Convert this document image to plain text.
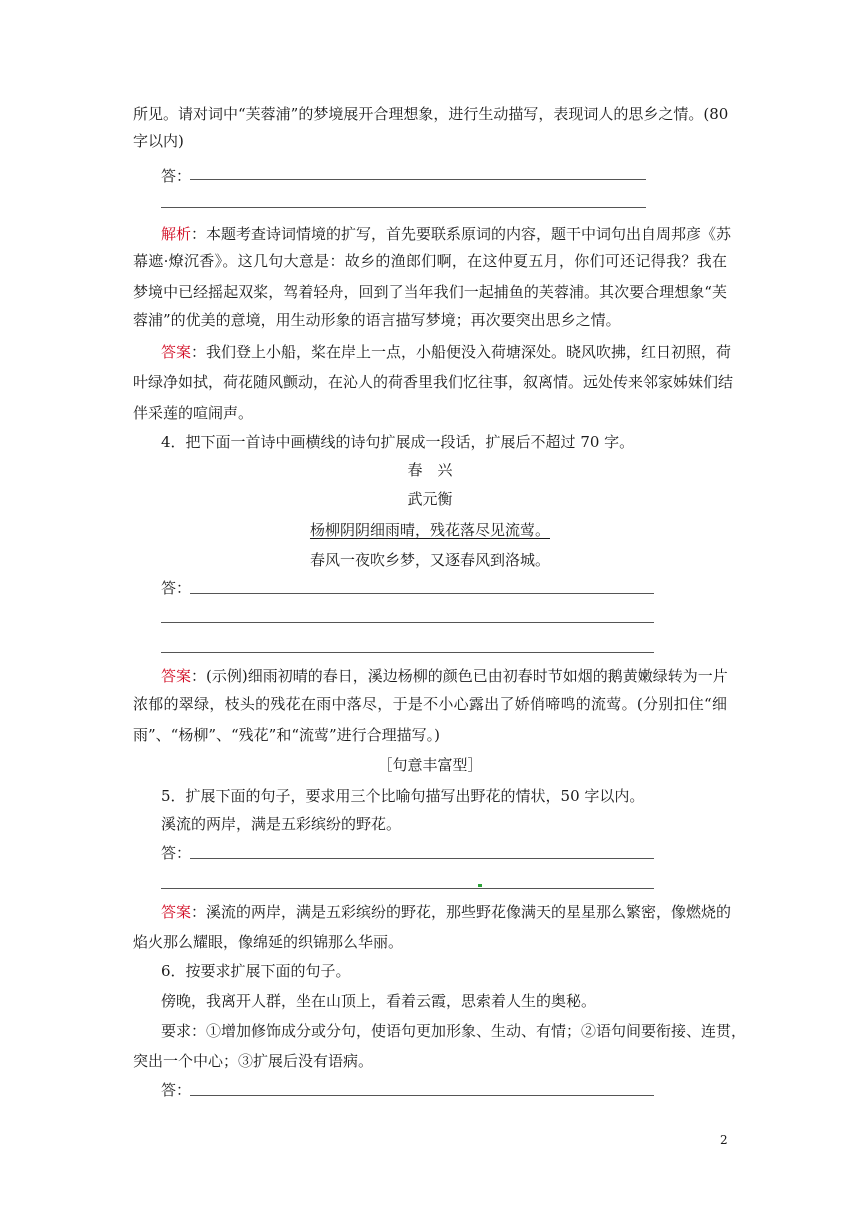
所见。请对词中“芙蓉浦”的梦境展开合理想象，进行生动描写，表现词人的思乡之情。(80
字以内)
答：
解析：本题考查诗词情境的扩写，首先要联系原词的内容，题干中词句出自周邦彦《苏
幕遮·燎沉香》。这几句大意是：故乡的渔郎们啊，在这仲夏五月，你们可还记得我？我在
梦境中已经摇起双桨，驾着轻舟，回到了当年我们一起捕鱼的芙蓉浦。其次要合理想象“芙
蓉浦”的优美的意境，用生动形象的语言描写梦境；再次要突出思乡之情。
答案：我们登上小船，桨在岸上一点，小船便没入荷塘深处。晓风吹拂，红日初照，荷
叶绿净如拭，荷花随风颤动，在沁人的荷香里我们忆往事，叙离情。远处传来邻家姊妹们结
伴采莲的喧闹声。
4．把下面一首诗中画横线的诗句扩展成一段话，扩展后不超过 70 字。
春　兴
武元衡
杨柳阴阴细雨晴，残花落尽见流莺。
春风一夜吹乡梦，又逐春风到洛城。
答：
答案：(示例)细雨初晴的春日，溪边杨柳的颜色已由初春时节如烟的鹅黄嫩绿转为一片
浓郁的翠绿，枝头的残花在雨中落尽，于是不小心露出了娇俏啼鸣的流莺。(分别扣住“细
雨”、“杨柳”、“残花”和“流莺”进行合理描写。)
［句意丰富型］
5．扩展下面的句子，要求用三个比喻句描写出野花的情状，50 字以内。
溪流的两岸，满是五彩缤纷的野花。
答：
答案：溪流的两岸，满是五彩缤纷的野花，那些野花像满天的星星那么繁密，像燃烧的
焰火那么耀眼，像绵延的织锦那么华丽。
6．按要求扩展下面的句子。
傍晚，我离开人群，坐在山顶上，看着云霞，思索着人生的奥秘。
要求：①增加修饰成分或分句，使语句更加形象、生动、有情；②语句间要衔接、连贯，
突出一个中心；③扩展后没有语病。
答：
2
